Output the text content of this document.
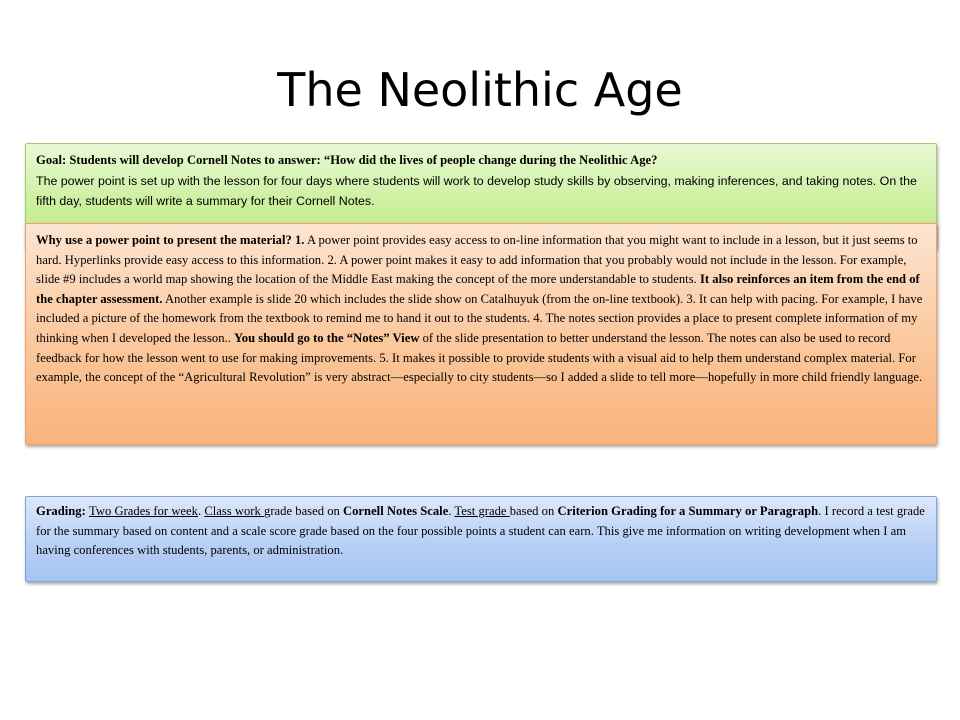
The Neolithic Age
Goal: Students will develop Cornell Notes to answer: “How did the lives of people change during the Neolithic Age?
The power point is set up with the lesson for four days where students will work to develop study skills by observing, making inferences, and taking notes. On the fifth day, students will write a summary for their Cornell Notes.
Why use a power point to present the material? 1. A power point provides easy access to on-line information that you might want to include in a lesson, but it just seems to hard. Hyperlinks provide easy access to this information. 2. A power point makes it easy to add information that you probably would not include in the lesson. For example, slide #9 includes a world map showing the location of the Middle East making the concept of the more understandable to students. It also reinforces an item from the end of the chapter assessment. Another example is slide 20 which includes the slide show on Catalhuyuk (from the on-line textbook). 3. It can help with pacing. For example, I have included a picture of the homework from the textbook to remind me to hand it out to the students. 4. The notes section provides a place to present complete information of my thinking when I developed the lesson.. You should go to the “Notes” View of the slide presentation to better understand the lesson. The notes can also be used to record feedback for how the lesson went to use for making improvements. 5. It makes it possible to provide students with a visual aid to help them understand complex material. For example, the concept of the “Agricultural Revolution” is very abstract—especially to city students—so I added a slide to tell more—hopefully in more child friendly language.
Grading: Two Grades for week. Class work grade based on Cornell Notes Scale. Test grade based on Criterion Grading for a Summary or Paragraph. I record a test grade for the summary based on content and a scale score grade based on the four possible points a student can earn. This give me information on writing development when I am having conferences with students, parents, or administration.
